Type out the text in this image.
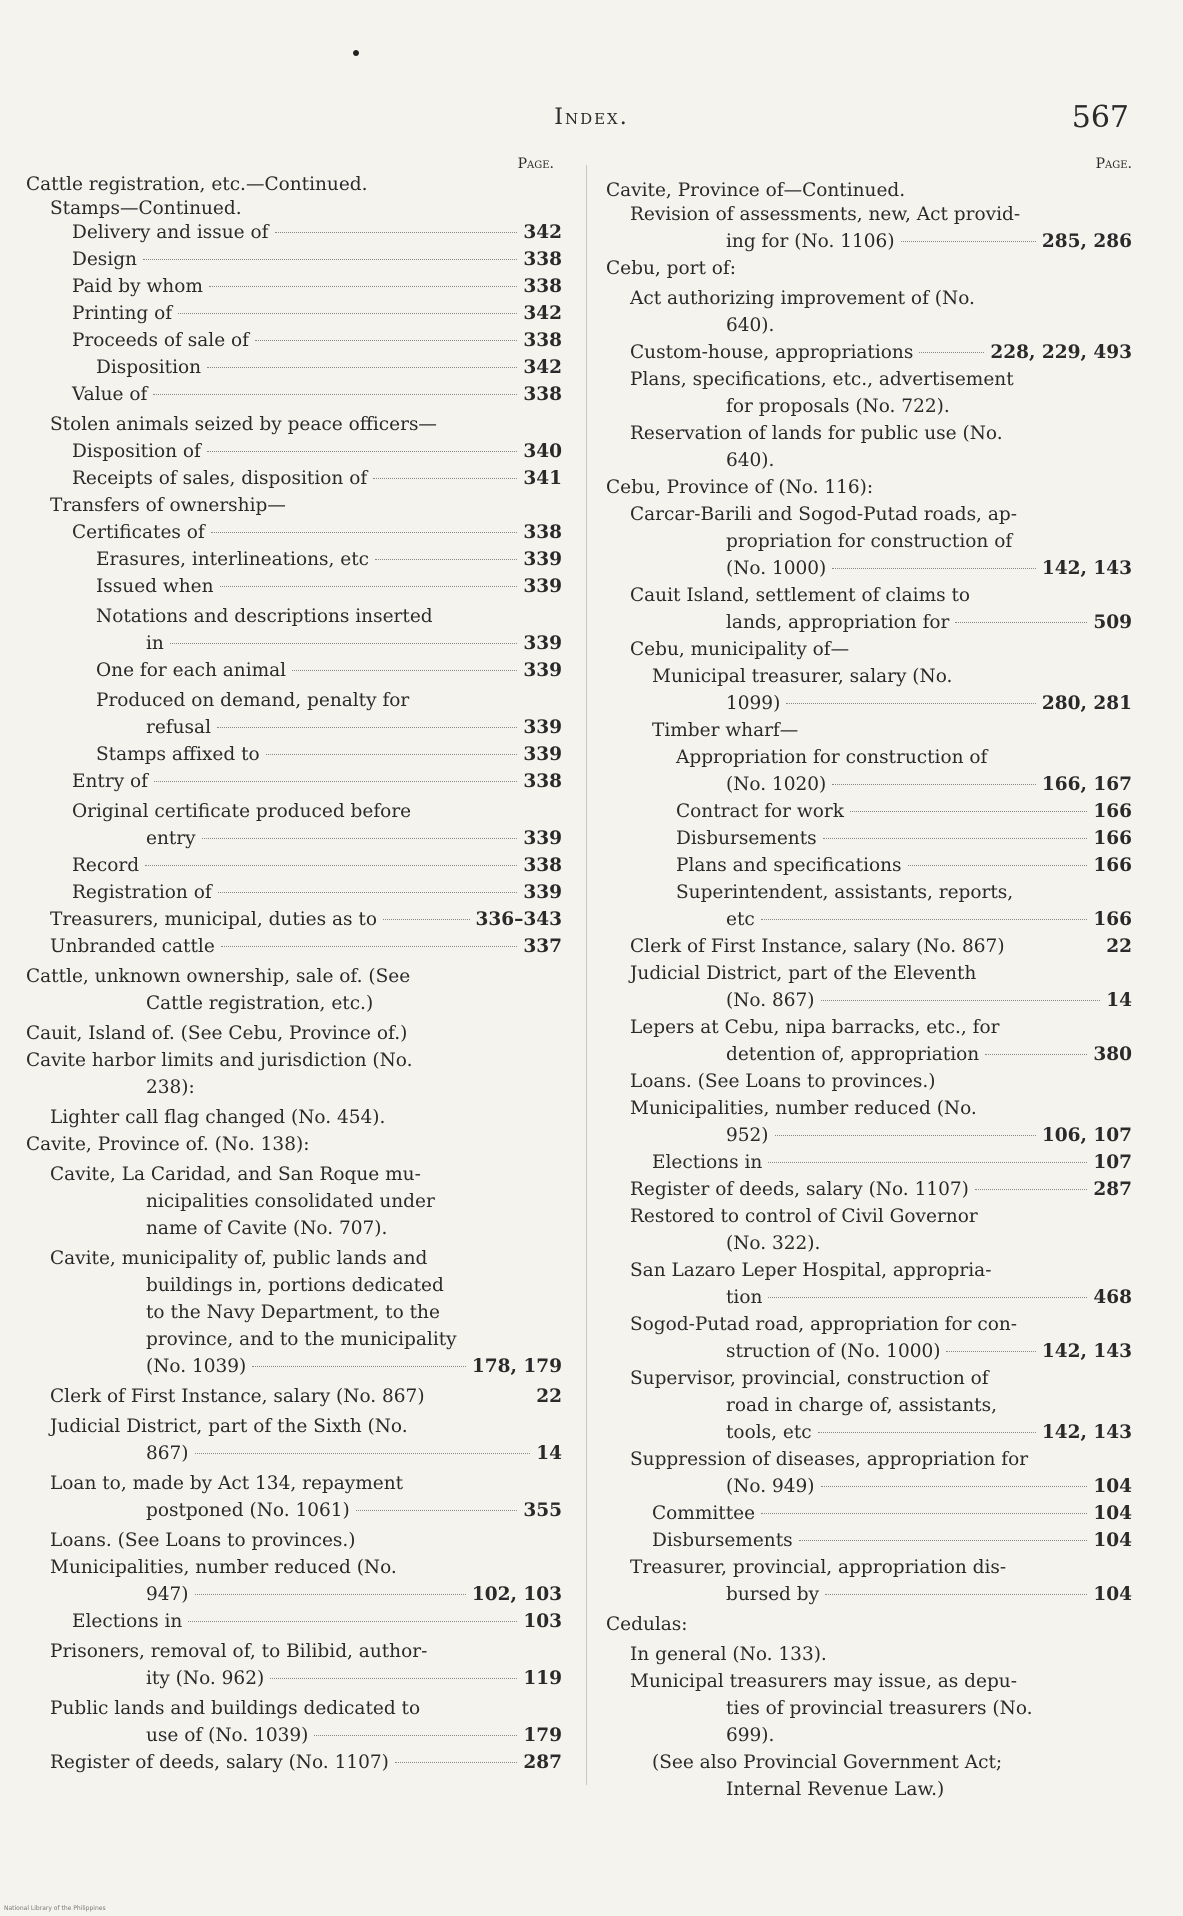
Index.	567
Page.
Cattle registration, etc.—Continued.
Stamps—Continued.
Delivery and issue of	342
Design	338
Paid by whom	338
Printing of	342
Proceeds of sale of	338
Disposition	342
Value of	338
Stolen animals seized by peace officers—
Disposition of	340
Receipts of sales, disposition of	341
Transfers of ownership—
Certificates of	338
Erasures, interlineations, etc	339
Issued when	339
Notations and descriptions inserted
in	339
One for each animal	339
Produced on demand, penalty for
refusal	339
Stamps affixed to	339
Entry of	338
Original certificate produced before
entry	339
Record	338
Registration of	339
Treasurers, municipal, duties as to	336–343
Unbranded cattle	337
Cattle, unknown ownership, sale of. (See
Cattle registration, etc.)
Cauit, Island of. (See Cebu, Province of.)
Cavite harbor limits and jurisdiction (No.
238):
Lighter call flag changed (No. 454).
Cavite, Province of. (No. 138):
Cavite, La Caridad, and San Roque mu-
nicipalities consolidated under
name of Cavite (No. 707).
Cavite, municipality of, public lands and
buildings in, portions dedicated
to the Navy Department, to the
province, and to the municipality
(No. 1039)	178, 179
Clerk of First Instance, salary (No. 867)	22
Judicial District, part of the Sixth (No.
867)	14
Loan to, made by Act 134, repayment
postponed (No. 1061)	355
Loans. (See Loans to provinces.)
Municipalities, number reduced (No.
947)	102, 103
Elections in	103
Prisoners, removal of, to Bilibid, author-
ity (No. 962)	119
Public lands and buildings dedicated to
use of (No. 1039)	179
Register of deeds, salary (No. 1107)	287
Page.
Cavite, Province of—Continued.
Revision of assessments, new, Act provid-
ing for (No. 1106)	285, 286
Cebu, port of:
Act authorizing improvement of (No.
640).
Custom-house, appropriations	228, 229, 493
Plans, specifications, etc., advertisement
for proposals (No. 722).
Reservation of lands for public use (No.
640).
Cebu, Province of (No. 116):
Carcar-Barili and Sogod-Putad roads, ap-
propriation for construction of
(No. 1000)	142, 143
Cauit Island, settlement of claims to
lands, appropriation for	509
Cebu, municipality of—
Municipal treasurer, salary (No.
1099)	280, 281
Timber wharf—
Appropriation for construction of
(No. 1020)	166, 167
Contract for work	166
Disbursements	166
Plans and specifications	166
Superintendent, assistants, reports,
etc	166
Clerk of First Instance, salary (No. 867)	22
Judicial District, part of the Eleventh
(No. 867)	14
Lepers at Cebu, nipa barracks, etc., for
detention of, appropriation	380
Loans. (See Loans to provinces.)
Municipalities, number reduced (No.
952)	106, 107
Elections in	107
Register of deeds, salary (No. 1107)	287
Restored to control of Civil Governor
(No. 322).
San Lazaro Leper Hospital, appropria-
tion	468
Sogod-Putad road, appropriation for con-
struction of (No. 1000)	142, 143
Supervisor, provincial, construction of
road in charge of, assistants,
tools, etc	142, 143
Suppression of diseases, appropriation for
(No. 949)	104
Committee	104
Disbursements	104
Treasurer, provincial, appropriation dis-
bursed by	104
Cedulas:
In general (No. 133).
Municipal treasurers may issue, as depu-
ties of provincial treasurers (No.
699).
(See also Provincial Government Act;
Internal Revenue Law.)
National Library of the Philippines
